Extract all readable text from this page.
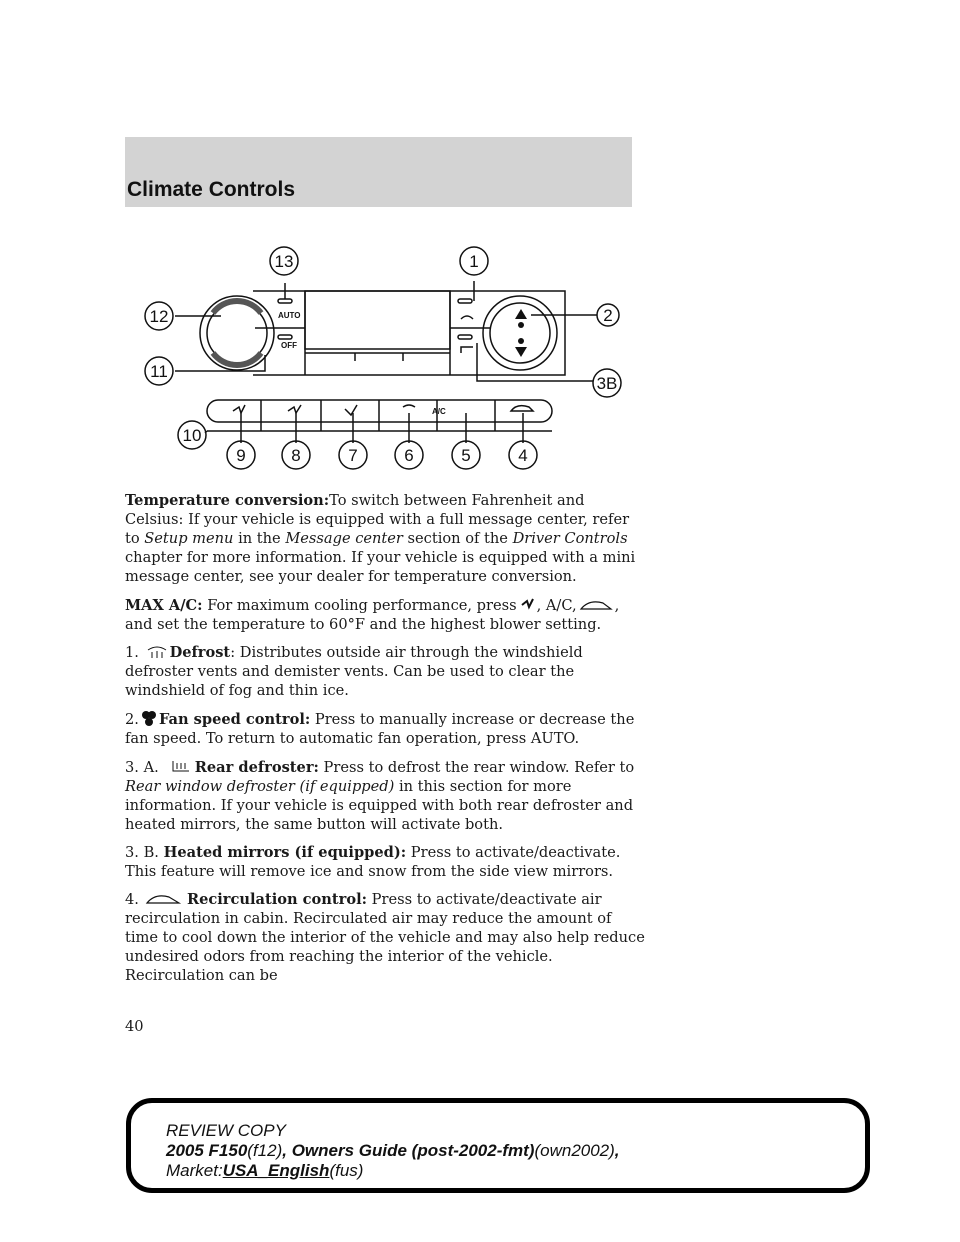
Climate Controls
AUTO
OFF
A/C
13	1
12	2
11
3B
10
9	8	7	6	5	4

Temperature conversion:To switch between Fahrenheit and Celsius: If your vehicle is equipped with a full message center, refer to Setup menu in the Message center section of the Driver Controls chapter for more information. If your vehicle is equipped with a mini message center, see your dealer for temperature conversion.

MAX A/C: For maximum cooling performance, press , A/C,	,
and set the temperature to 60°F and the highest blower setting.

1. Defrost: Distributes outside air through the windshield defroster vents and demister vents. Can be used to clear the windshield of fog and thin ice.

2. Fan speed control: Press to manually increase or decrease the fan speed. To return to automatic fan operation, press AUTO.

3. A. Rear defroster: Press to defrost the rear window. Refer to Rear window defroster (if equipped) in this section for more information. If your vehicle is equipped with both rear defroster and heated mirrors, the same button will activate both.

3. B. Heated mirrors (if equipped): Press to activate/deactivate. This feature will remove ice and snow from the side view mirrors.

4.	Recirculation control: Press to activate/deactivate air recirculation in cabin. Recirculated air may reduce the amount of time to cool down the interior of the vehicle and may also help reduce undesired odors from reaching the interior of the vehicle. Recirculation can be

40
REVIEW COPY
2005 F150(f12), Owners Guide (post-2002-fmt)(own2002),
Market:USA_English(fus)
